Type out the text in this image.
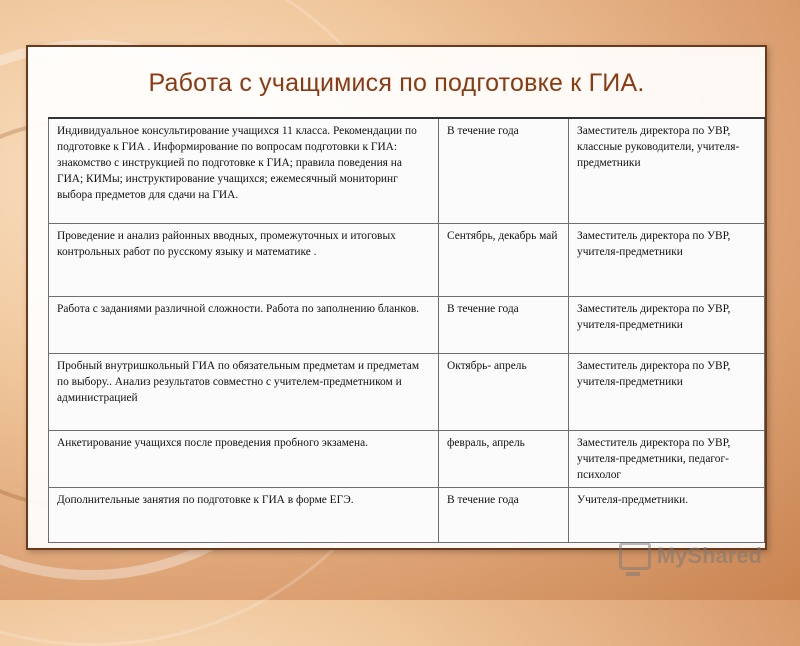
Работа с учащимися по подготовке к ГИА.
Индивидуальное консультирование учащихся 11 класса. Рекомендации по подготовке к ГИА . Информирование по вопросам подготовки к ГИА: знакомство с инструкцией по подготовке к ГИА; правила поведения на ГИА; КИМы; инструктирование учащихся; ежемесячный мониторинг выбора предметов для сдачи на ГИА.	В течение года	Заместитель директора по УВР, классные руководители, учителя-предметники
Проведение и анализ районных вводных, промежуточных и итоговых контрольных работ по русскому языку и математике .	Сентябрь, декабрь май	Заместитель директора по УВР, учителя-предметники
Работа с заданиями различной сложности. Работа по заполнению бланков.	В течение года	Заместитель директора по УВР, учителя-предметники
Пробный внутришкольный ГИА по обязательным предметам и предметам по выбору.. Анализ результатов совместно с учителем-предметником и администрацией	Октябрь- апрель	Заместитель директора по УВР, учителя-предметники
Анкетирование учащихся после проведения пробного экзамена.	февраль, апрель	Заместитель директора по УВР, учителя-предметники, педагог-психолог
Дополнительные занятия по подготовке к ГИА в форме ЕГЭ.	В течение года	Учителя-предметники.
MyShared
